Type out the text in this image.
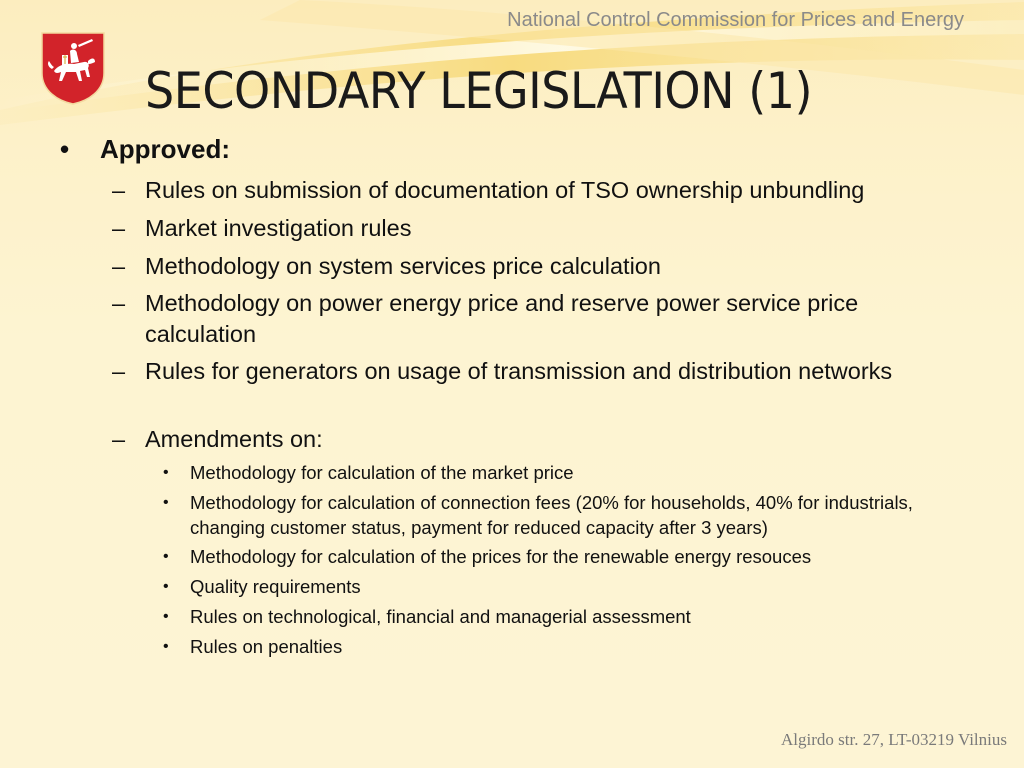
National Control Commission for Prices and Energy
SECONDARY LEGISLATION (1)
• Approved:
– Rules on submission of documentation of TSO ownership unbundling
– Market investigation rules
– Methodology on system services price calculation
– Methodology on power energy price and reserve power service price calculation
– Rules for generators on usage of transmission and distribution networks
– Amendments on:
• Methodology for calculation of the market price
• Methodology for calculation of connection fees (20% for households, 40% for industrials, changing customer status, payment for reduced capacity after 3 years)
• Methodology for calculation of the prices for the renewable energy resouces
• Quality requirements
• Rules on technological, financial and managerial assessment
• Rules on penalties
Algirdo str. 27, LT-03219 Vilnius
